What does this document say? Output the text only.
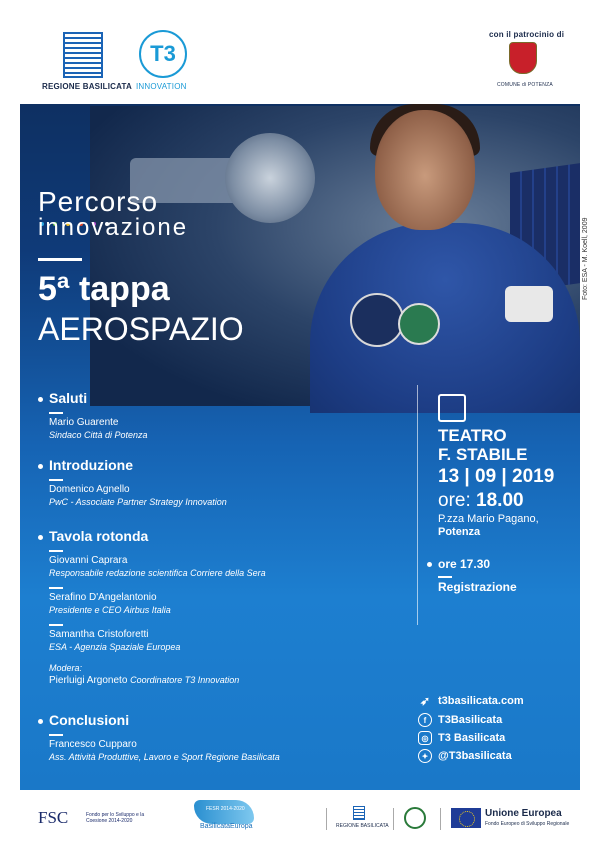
REGIONE BASILICATA
T3
INNOVATION
con il patrocinio di
COMUNE di POTENZA
Percorso
innovazione
5ª tappa
AEROSPAZIO
Foto: ESA - M. Koell, 2009
Saluti
Mario Guarente
Sindaco Città di Potenza
Introduzione
Domenico Agnello
PwC - Associate Partner Strategy Innovation
Tavola rotonda
Giovanni Caprara
Responsabile redazione scientifica Corriere della Sera
Serafino D'Angelantonio
Presidente e CEO Airbus Italia
Samantha Cristoforetti
ESA - Agenzia Spaziale Europea
Modera:
Pierluigi Argoneto Coordinatore T3 Innovation
Conclusioni
Francesco Cupparo
Ass. Attività Produttive, Lavoro e Sport Regione Basilicata
TEATRO
F. STABILE
13 | 09 | 2019
ore: 18.00
P.zza Mario Pagano,
Potenza
ore 17.30
Registrazione
➶ t3basilicata.com
f	T3Basilicata
◎ T3 Basilicata
✦ @T3basilicata
FSC	Fondo per lo Sviluppo e la Coesione 2014-2020
FESR 2014-2020
BasilicataEuropa	REGIONE BASILICATA
Unione Europea
Fondo Europeo di Sviluppo Regionale
